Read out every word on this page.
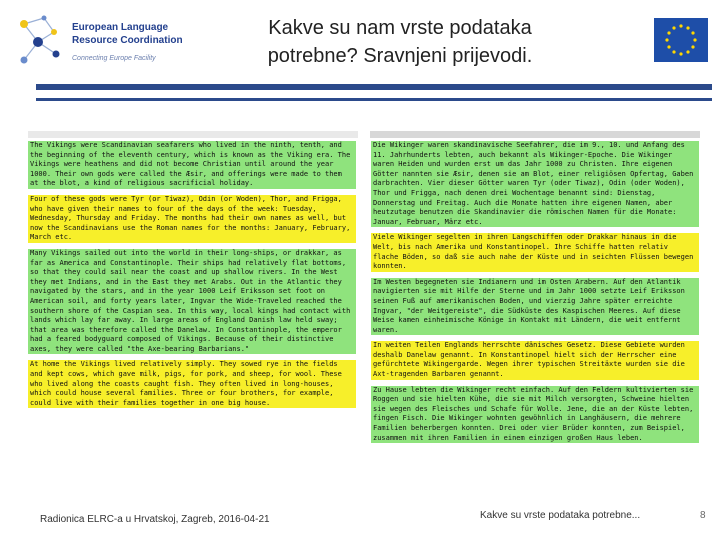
European Language
Resource Coordination
Connecting Europe Facility
Kakve su nam vrste podataka
potrebne? Sravnjeni prijevodi.

The Vikings were Scandinavian seafarers who lived in the ninth, tenth, and the beginning of the eleventh century, which is known as the Viking era. The Vikings were heathens and did not become Christian until around the year 1000. Their own gods were called the Æsir, and offerings were made to them at the blot, a kind of religious sacrificial holiday.

Four of these gods were Tyr (or Tiwaz), Odin (or Woden), Thor, and Frigga, who have given their names to four of the days of the week: Tuesday, Wednesday, Thursday and Friday. The months had their own names as well, but now the Scandinavians use the Roman names for the months: January, February, March etc.

Many Vikings sailed out into the world in their long-ships, or drakkar, as far as America and Constantinople. Their ships had relatively flat bottoms, so that they could sail near the coast and up shallow rivers. In the West they met Indians, and in the East they met Arabs. Out in the Atlantic they navigated by the stars, and in the year 1000 Leif Eriksson set foot on American soil, and forty years later, Ingvar the Wide-Traveled reached the southern shore of the Caspian sea. In this way, local kings had contact with lands which lay far away. In large areas of England Danish law held sway; that area was therefore called the Danelaw. In Constantinople, the emperor had a feared bodyguard composed of Vikings. Because of their distinctive axes, they were called "the Axe-bearing Barbarians."

At home the Vikings lived relatively simply. They sowed rye in the fields and kept cows, which gave milk, pigs, for pork, and sheep, for wool. These who lived along the coasts caught fish. They often lived in long-houses, which could house several families. Three or four brothers, for example, could live with their families together in one big house.

Die Wikinger waren skandinavische Seefahrer, die im 9., 10. und Anfang des 11. Jahrhunderts lebten, auch bekannt als Wikinger-Epoche. Die Wikinger waren Heiden und wurden erst um das Jahr 1000 zu Christen. Ihre eigenen Götter nannten sie Æsir, denen sie am Blot, einer religiösen Opfertag, Gaben darbrachten. Vier dieser Götter waren Tyr (oder Tiwaz), Odin (oder Woden), Thor und Frigga, nach denen drei Wochentage benannt sind: Dienstag, Donnerstag und Freitag. Auch die Monate hatten ihre eigenen Namen, aber heutzutage benutzen die Skandinavier die römischen Namen für die Monate: Januar, Februar, März etc.

Viele Wikinger segelten in ihren Langschiffen oder Drakkar hinaus in die Welt, bis nach Amerika und Konstantinopel. Ihre Schiffe hatten relativ flache Böden, so daß sie auch nahe der Küste und in seichten Flüssen bewegen konnten.

Im Westen begegneten sie Indianern und im Osten Arabern. Auf den Atlantik navigierten sie mit Hilfe der Sterne und im Jahr 1000 setzte Leif Eriksson seinen Fuß auf amerikanischen Boden, und vierzig Jahre später erreichte Ingvar, "der Weitgereiste", die Südküste des Kaspischen Meeres. Auf diese Weise kamen einheimische Könige in Kontakt mit Ländern, die weit entfernt waren.

In weiten Teilen Englands herrschte dänisches Gesetz. Diese Gebiete wurden deshalb Danelaw genannt. In Konstantinopel hielt sich der Herrscher eine gefürchtete Wikingergarde. Wegen ihrer typischen Streitäxte wurden sie die Axt-tragenden Barbaren genannt.

Zu Hause lebten die Wikinger recht einfach. Auf den Feldern kultivierten sie Roggen und sie hielten Kühe, die sie mit Milch versorgten, Schweine hielten sie wegen des Fleisches und Schafe für Wolle. Jene, die an der Küste lebten, fingen Fisch. Die Wikinger wohnten gewöhnlich in Langhäusern, die mehrere Familien beherbergen konnten. Drei oder vier Brüder konnten, zum Beispiel, zusammen mit ihren Familien in einem einzigen großen Haus leben.

Radionica ELRC-a u Hrvatskoj, Zagreb, 2016-04-21	Kakve su vrste podataka potrebne...	8
